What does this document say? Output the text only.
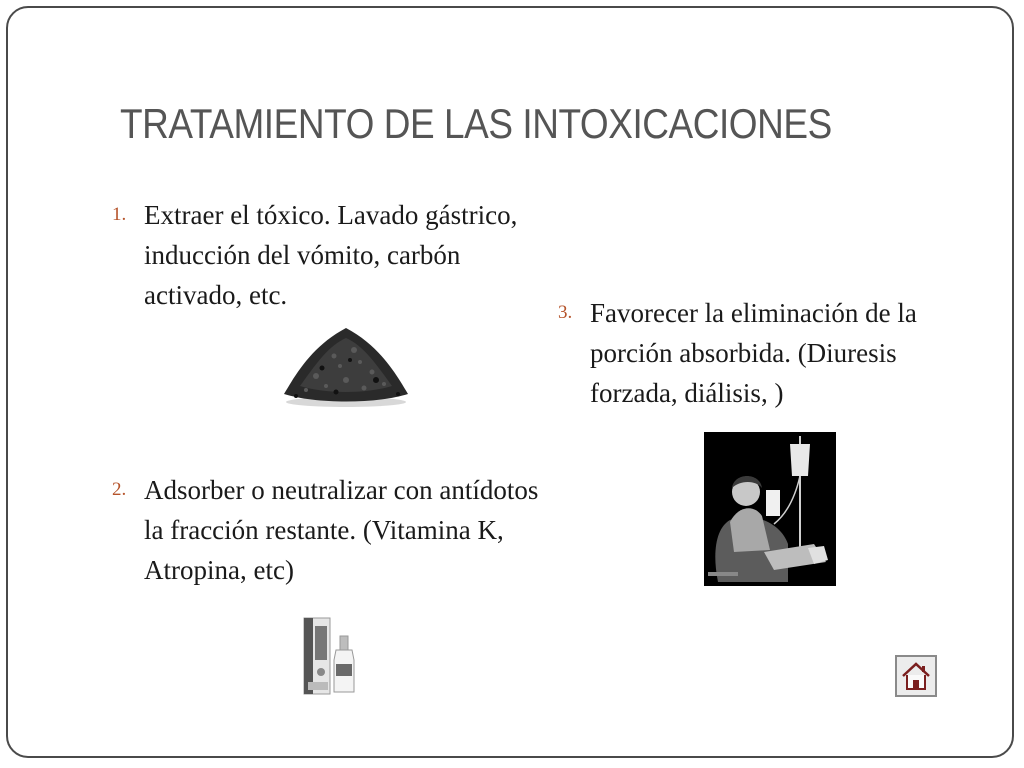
TRATAMIENTO DE LAS INTOXICACIONES
1. Extraer el tóxico. Lavado gástrico, inducción del vómito, carbón activado, etc.
2. Adsorber o neutralizar con antídotos la fracción restante. (Vitamina K, Atropina, etc)
3. Favorecer la eliminación de la porción absorbida. (Diuresis forzada, diálisis, )
